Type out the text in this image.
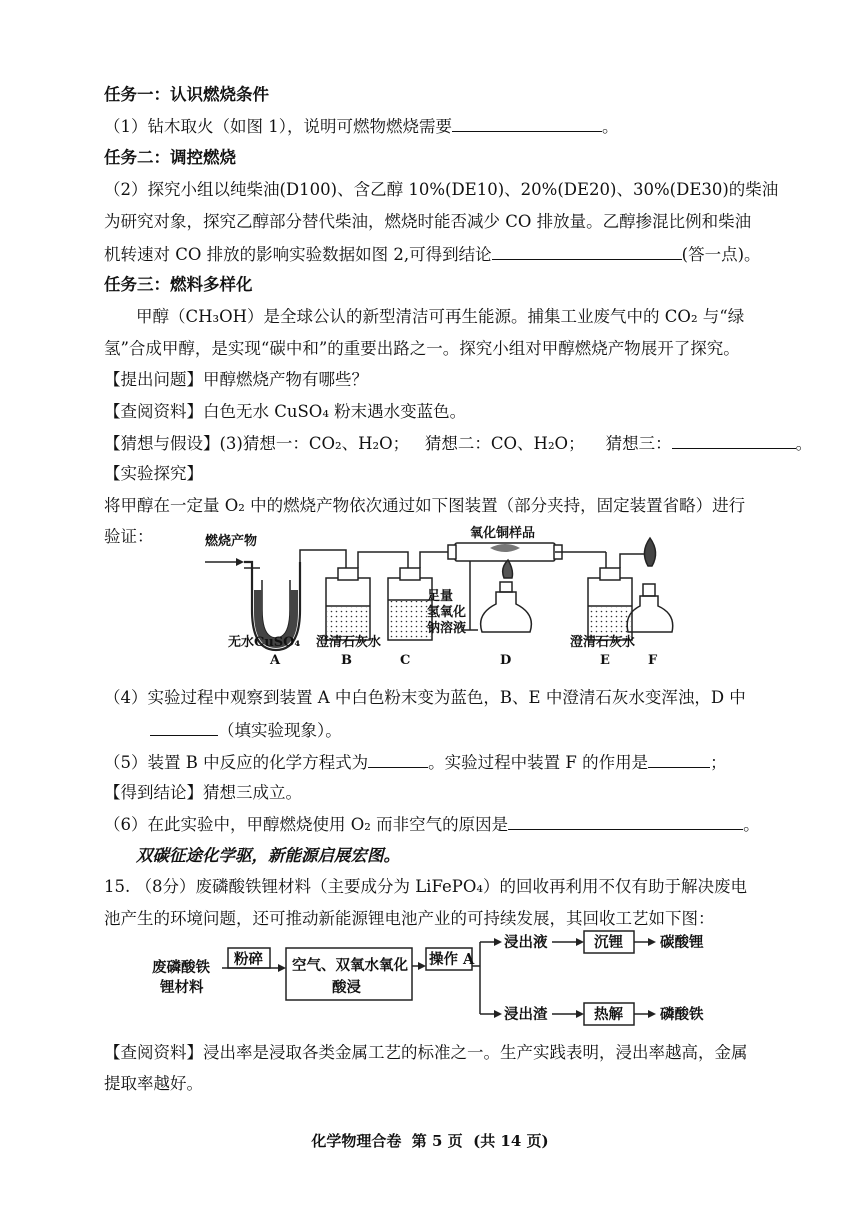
任务一：认识燃烧条件
（1）钻木取火（如图 1），说明可燃物燃烧需要	。
任务二：调控燃烧
（2）探究小组以纯柴油(D100)、含乙醇 10%(DE10)、20%(DE20)、30%(DE30)的柴油
为研究对象，探究乙醇部分替代柴油，燃烧时能否减少 CO 排放量。乙醇掺混比例和柴油
机转速对 CO 排放的影响实验数据如图 2,可得到结论	(答一点)。
任务三：燃料多样化
甲醇（CH₃OH）是全球公认的新型清洁可再生能源。捕集工业废气中的 CO₂ 与“绿
氢”合成甲醇，是实现“碳中和”的重要出路之一。探究小组对甲醇燃烧产物展开了探究。
【提出问题】甲醇燃烧产物有哪些？
【查阅资料】白色无水 CuSO₄ 粉末遇水变蓝色。
【猜想与假设】(3)猜想一：CO₂、H₂O；   猜想二：CO、H₂O；    猜想三：	。
【实验探究】
将甲醇在一定量 O₂ 中的燃烧产物依次通过如下图装置（部分夹持，固定装置省略）进行
验证：	燃烧产物
氧化铜样品
足量
氢氧化
钠溶液
无水CuSO₄ 澄清石灰水	澄清石灰水
A	B	C	D	E	F
（4）实验过程中观察到装置 A 中白色粉末变为蓝色，B、E 中澄清石灰水变浑浊，D 中
（填实验现象）。
（5）装置 B 中反应的化学方程式为	。实验过程中装置 F 的作用是	；
【得到结论】猜想三成立。
（6）在此实验中，甲醇燃烧使用 O₂ 而非空气的原因是	。
双碳征途化学驱，新能源启展宏图。
15. （8分）废磷酸铁锂材料（主要成分为 LiFePO₄）的回收再利用不仅有助于解决废电
池产生的环境问题，还可推动新能源锂电池产业的可持续发展，其回收工艺如下图：
废磷酸铁
锂材料
粉碎 空气、双氧水氧化
酸浸
操作 A
浸出液
浸出渣
沉锂
热解
碳酸锂
磷酸铁
【查阅资料】浸出率是浸取各类金属工艺的标准之一。生产实践表明，浸出率越高，金属
提取率越好。
化学物理合卷  第 5 页  (共 14 页)
